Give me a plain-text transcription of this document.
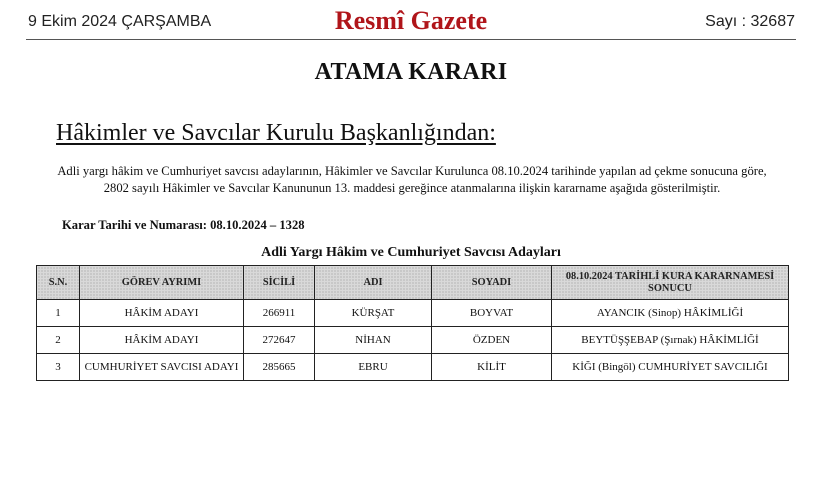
9 Ekim 2024 ÇARŞAMBA	Resmî Gazete	Sayı : 32687
ATAMA KARARI
Hâkimler ve Savcılar Kurulu Başkanlığından:

Adli yargı hâkim ve Cumhuriyet savcısı adaylarının, Hâkimler ve Savcılar Kurulunca 08.10.2024 tarihinde yapılan ad çekme sonucuna göre,

2802 sayılı Hâkimler ve Savcılar Kanununun 13. maddesi gereğince atanmalarına ilişkin kararname aşağıda gösterilmiştir.

Karar Tarihi ve Numarası: 08.10.2024 – 1328
Adli Yargı Hâkim ve Cumhuriyet Savcısı Adayları
S.N.	GÖREV AYRIMI	SİCİLİ	ADI	SOYADI	08.10.2024 TARİHLİ KURA KARARNAMESİ SONUCU
1	HÂKİM ADAYI	266911	KÜRŞAT	BOYVAT	AYANCIK (Sinop) HÂKİMLİĞİ
2	HÂKİM ADAYI	272647	NİHAN	ÖZDEN	BEYTÜŞŞEBAP (Şırnak) HÂKİMLİĞİ
3	CUMHURİYET SAVCISI ADAYI	285665	EBRU	KİLİT	KİĞI (Bingöl) CUMHURİYET SAVCILIĞI
